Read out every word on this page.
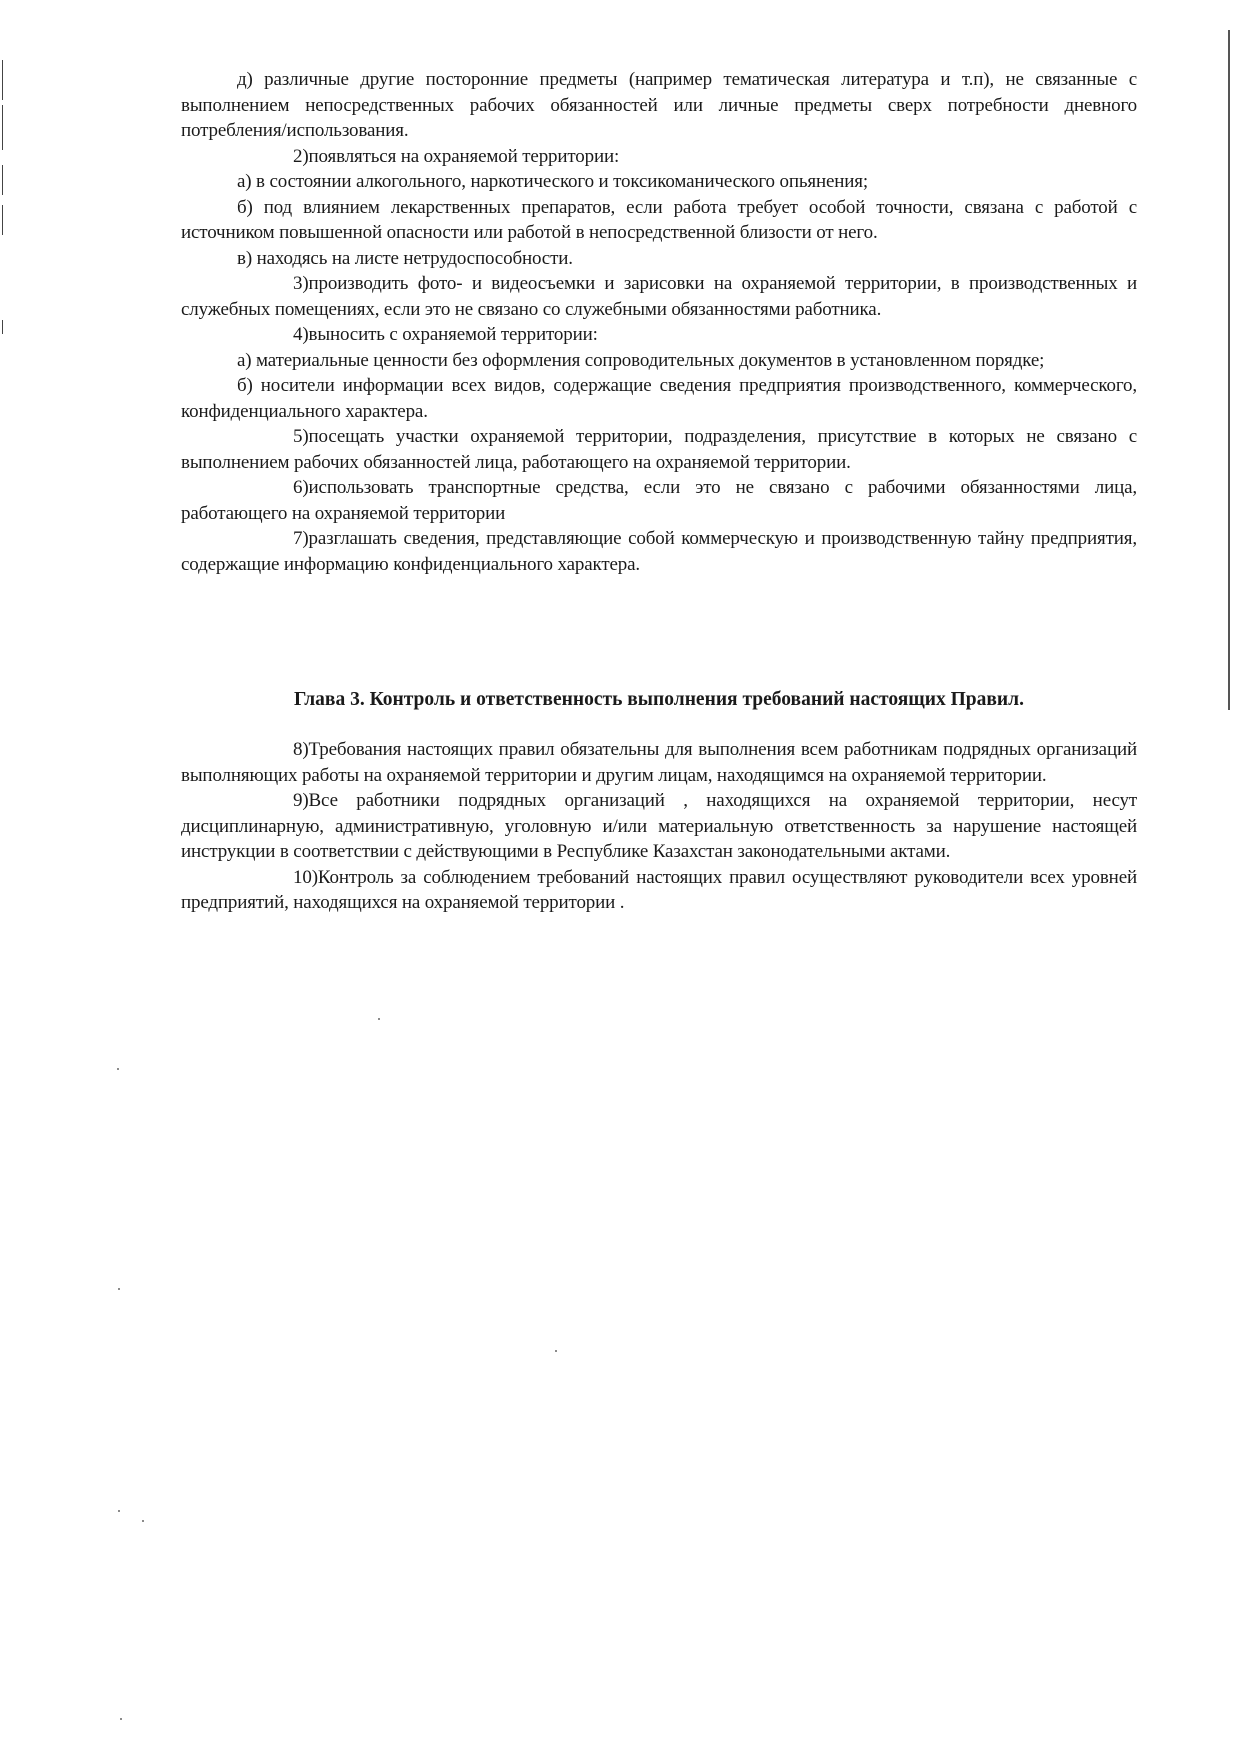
д) различные другие посторонние предметы (например тематическая литература и т.п), не связанные с выполнением непосредственных рабочих обязанностей или личные предметы сверх потребности дневного потребления/использования.

2)появляться на охраняемой территории:

а) в состоянии алкогольного, наркотического и токсикоманического опьянения;

б) под влиянием лекарственных препаратов, если работа требует особой точности, связана с работой с источником повышенной опасности или работой в непосредственной близости от него.

в) находясь на листе нетрудоспособности.

3)производить фото- и видеосъемки и зарисовки на охраняемой территории, в производственных и служебных помещениях, если это не связано со служебными обязанностями работника.

4)выносить с охраняемой территории:

а) материальные ценности без оформления сопроводительных документов в установленном порядке;

б) носители информации всех видов, содержащие сведения предприятия производственного, коммерческого, конфиденциального характера.

5)посещать участки охраняемой территории, подразделения, присутствие в которых не связано с выполнением рабочих обязанностей лица, работающего на охраняемой территории.

6)использовать транспортные средства, если это не связано с рабочими обязанностями лица, работающего на охраняемой территории

7)разглашать сведения, представляющие собой коммерческую и производственную тайну предприятия, содержащие информацию конфиденциального характера.

Глава 3. Контроль и ответственность выполнения требований настоящих Правил.

8)Требования настоящих правил обязательны для выполнения всем работникам подрядных организаций выполняющих работы на охраняемой территории и другим лицам, находящимся на охраняемой территории.

9)Все работники подрядных организаций , находящихся на охраняемой территории, несут дисциплинарную, административную, уголовную и/или материальную ответственность за нарушение настоящей инструкции в соответствии с действующими в Республике Казахстан законодательными актами.

10)Контроль за соблюдением требований настоящих правил осуществляют руководители всех уровней предприятий, находящихся на охраняемой территории .
